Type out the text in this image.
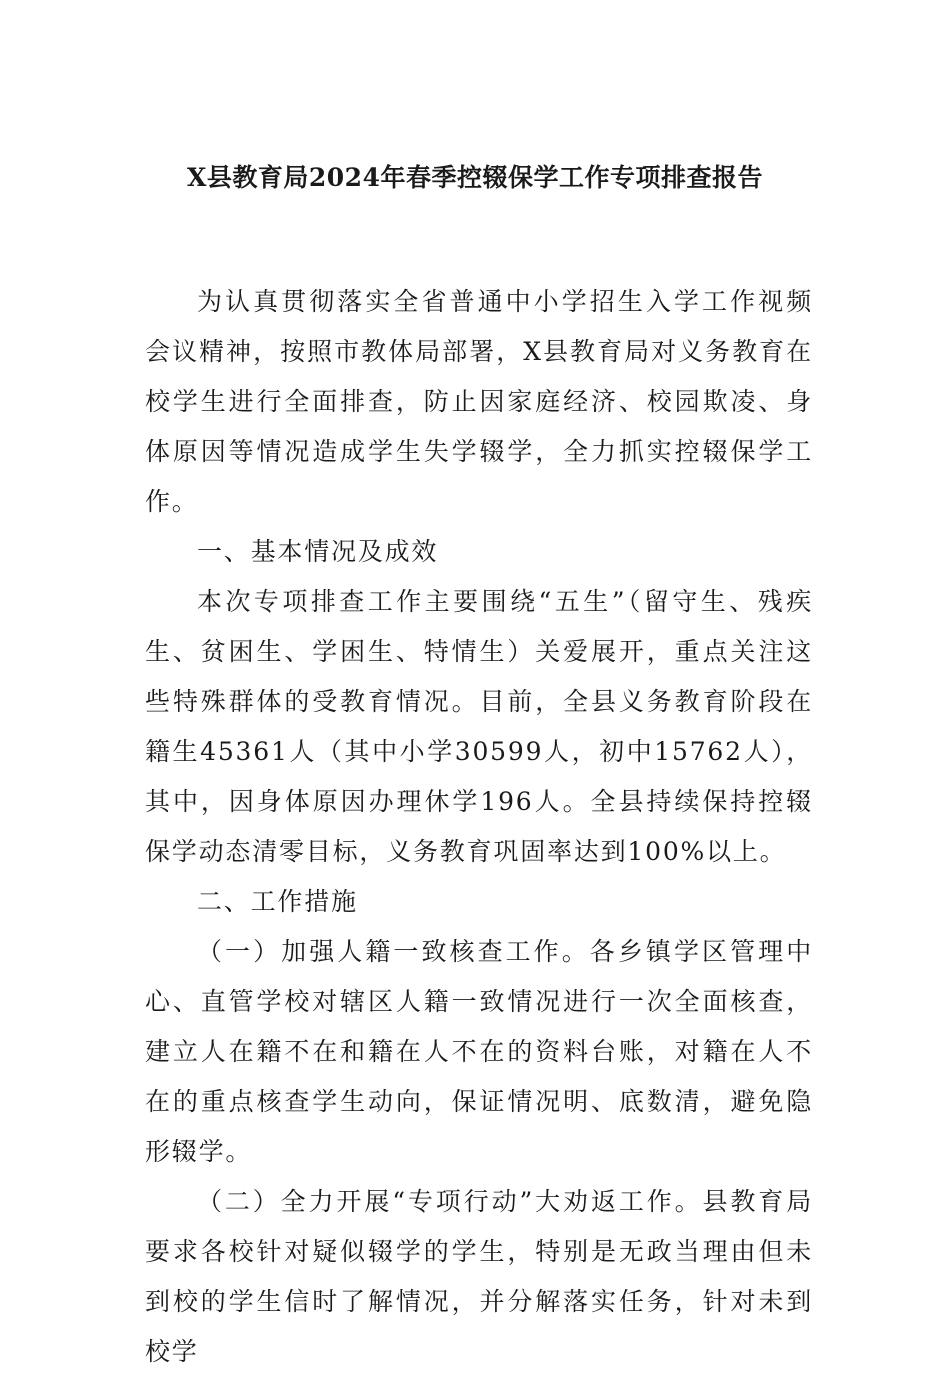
X县教育局2024年春季控辍保学工作专项排查报告

为认真贯彻落实全省普通中小学招生入学工作视频会议精神，按照市教体局部署，X县教育局对义务教育在校学生进行全面排查，防止因家庭经济、校园欺凌、身体原因等情况造成学生失学辍学，全力抓实控辍保学工作。

一、基本情况及成效

本次专项排查工作主要围绕“五生”（留守生、残疾生、贫困生、学困生、特情生）关爱展开，重点关注这些特殊群体的受教育情况。目前，全县义务教育阶段在籍生45361人（其中小学30599人，初中15762人），其中，因身体原因办理休学196人。全县持续保持控辍保学动态清零目标，义务教育巩固率达到100%以上。

二、工作措施

（一）加强人籍一致核查工作。各乡镇学区管理中心、直管学校对辖区人籍一致情况进行一次全面核查，建立人在籍不在和籍在人不在的资料台账，对籍在人不在的重点核查学生动向，保证情况明、底数清，避免隐形辍学。

（二）全力开展“专项行动”大劝返工作。县教育局要求各校针对疑似辍学的学生，特别是无政当理由但未到校的学生信时了解情况，并分解落实任务，针对未到校学
